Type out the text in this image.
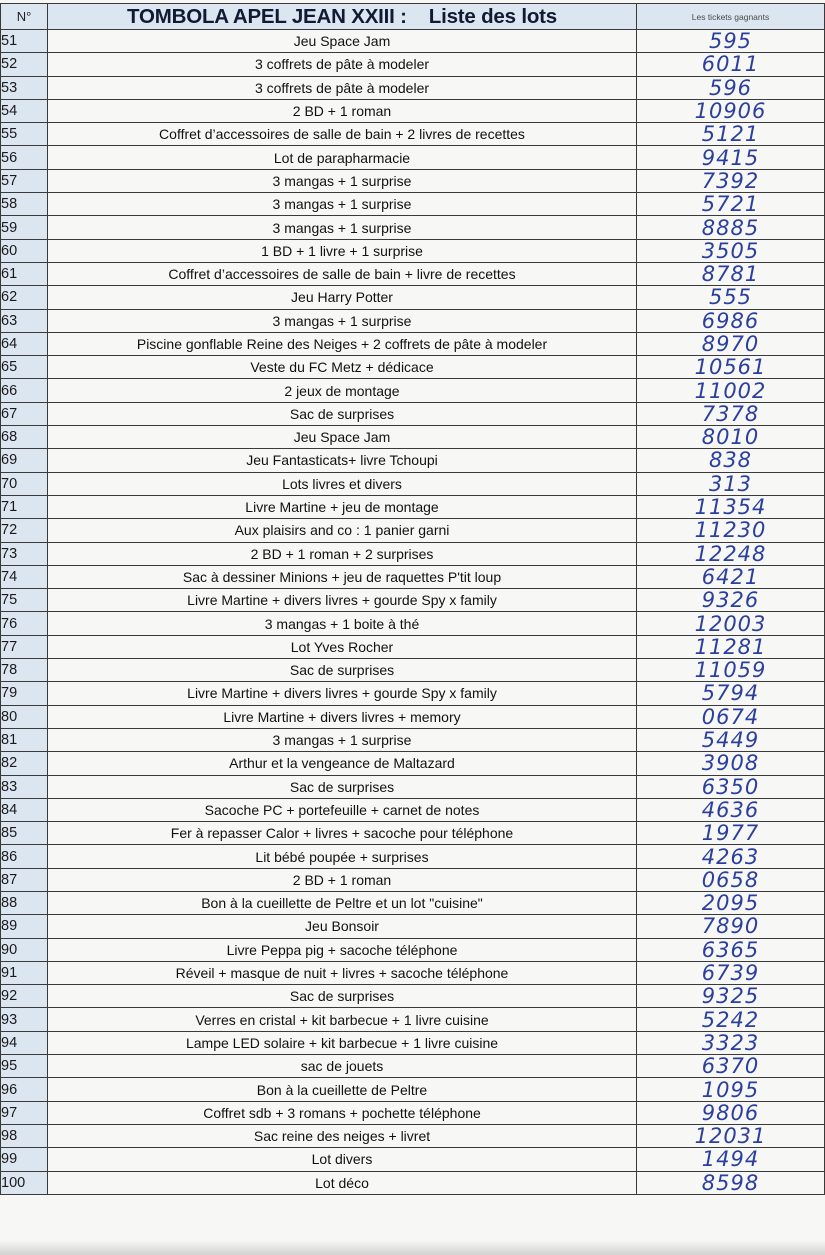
N°	TOMBOLA APEL JEAN XXIII :    Liste des lots	Les tickets gagnants
51	Jeu Space Jam	595
52	3 coffrets de pâte à modeler	6011
53	3 coffrets de pâte à modeler	596
54	2 BD + 1 roman	10906
55	Coffret d’accessoires de salle de bain + 2 livres de recettes	5121
56	Lot de parapharmacie	9415
57	3 mangas + 1 surprise	7392
58	3 mangas + 1 surprise	5721
59	3 mangas + 1 surprise	8885
60	1 BD + 1 livre + 1 surprise	3505
61	Coffret d’accessoires de salle de bain + livre de recettes	8781
62	Jeu Harry Potter	555
63	3 mangas + 1 surprise	6986
64	Piscine gonflable Reine des Neiges + 2 coffrets de pâte à modeler	8970
65	Veste du FC Metz + dédicace	10561
66	2 jeux de montage	11002
67	Sac de surprises	7378
68	Jeu Space Jam	8010
69	Jeu Fantasticats+ livre Tchoupi	838
70	Lots livres et divers	313
71	Livre Martine + jeu de montage	11354
72	Aux plaisirs and co : 1 panier garni	11230
73	2 BD + 1 roman + 2 surprises	12248
74	Sac à dessiner Minions + jeu de raquettes P'tit loup	6421
75	Livre Martine + divers livres + gourde Spy x family	9326
76	3 mangas + 1 boite à thé	12003
77	Lot Yves Rocher	11281
78	Sac de surprises	11059
79	Livre Martine + divers livres + gourde Spy x family	5794
80	Livre Martine + divers livres + memory	0674
81	3 mangas + 1 surprise	5449
82	Arthur et la vengeance de Maltazard	3908
83	Sac de surprises	6350
84	Sacoche PC + portefeuille + carnet de notes	4636
85	Fer à repasser Calor + livres + sacoche pour téléphone	1977
86	Lit bébé poupée + surprises	4263
87	2 BD + 1 roman	0658
88	Bon à la cueillette de Peltre et un lot "cuisine"	2095
89	Jeu Bonsoir	7890
90	Livre Peppa pig + sacoche téléphone	6365
91	Réveil + masque de nuit + livres + sacoche téléphone	6739
92	Sac de surprises	9325
93	Verres en cristal + kit barbecue + 1 livre cuisine	5242
94	Lampe LED solaire + kit barbecue + 1 livre cuisine	3323
95	sac de jouets	6370
96	Bon à la cueillette de Peltre	1095
97	Coffret sdb + 3 romans + pochette téléphone	9806
98	Sac reine des neiges + livret	12031
99	Lot divers	1494
100	Lot déco	8598
